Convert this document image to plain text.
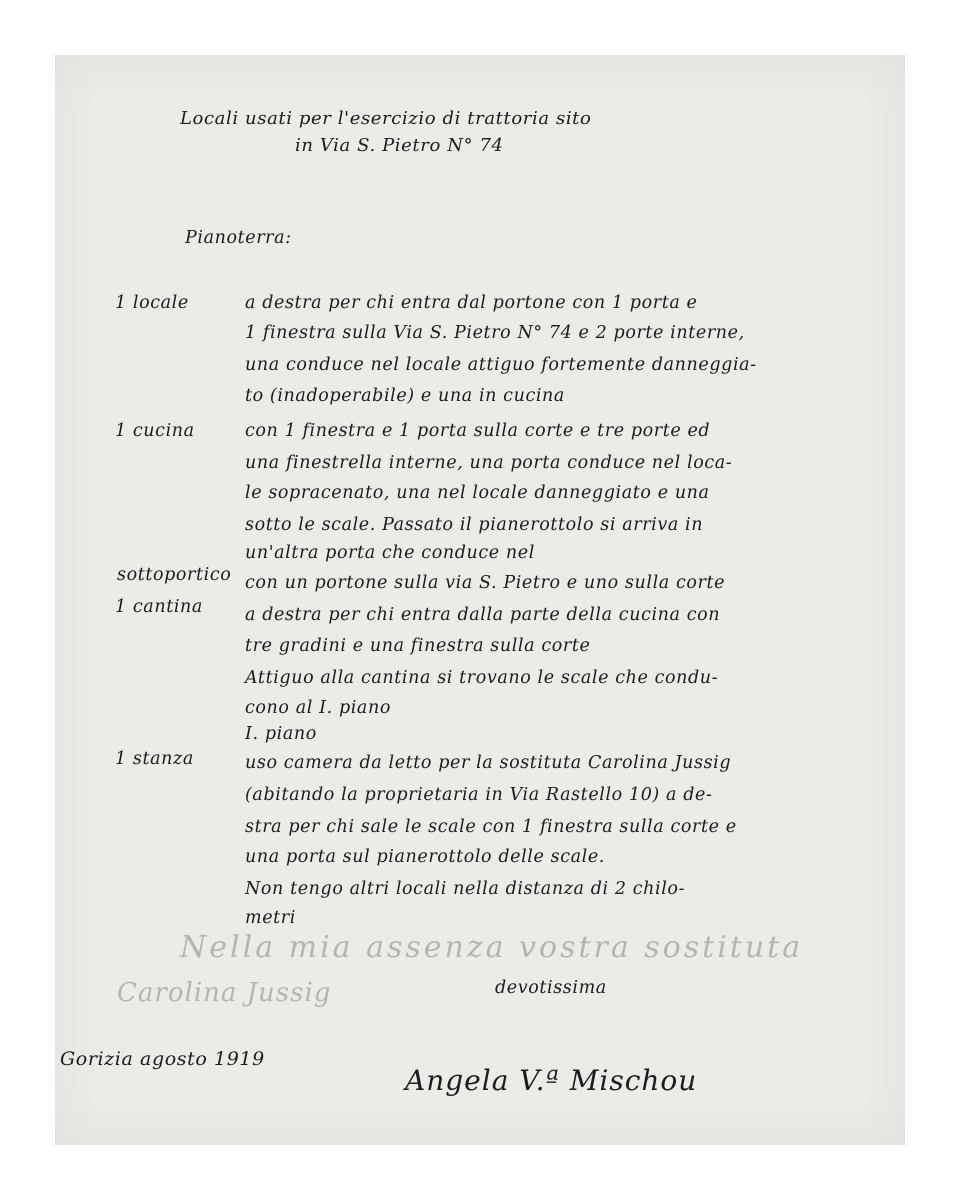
Locali usati per l'esercizio di trattoria sito
in Via S. Pietro N° 74
Pianoterra:
1 locale
1 cucina
sottoportico
1 cantina
1 stanza
a destra per chi entra dal portone con 1 porta e
1 finestra sulla Via S. Pietro N° 74 e 2 porte interne,
una conduce nel locale attiguo fortemente danneggia-
to (inadoperabile) e una in cucina
con 1 finestra e 1 porta sulla corte e tre porte ed
una finestrella interne, una porta conduce nel loca-
le sopracenato, una nel locale danneggiato e una
sotto le scale. Passato il pianerottolo si arriva in
un'altra porta che conduce nel
con un portone sulla via S. Pietro e uno sulla corte
a destra per chi entra dalla parte della cucina con
tre gradini e una finestra sulla corte
Attiguo alla cantina si trovano le scale che condu-
cono al I. piano
I. piano
uso camera da letto per la sostituta Carolina Jussig
(abitando la proprietaria in Via Rastello 10) a de-
stra per chi sale le scale con 1 finestra sulla corte e
una porta sul pianerottolo delle scale.
Non tengo altri locali nella distanza di 2 chilo-
metri
Nella mia assenza vostra sostituta
Carolina Jussig	devotissima
Gorizia agosto 1919
Angela V.ª Mischou
